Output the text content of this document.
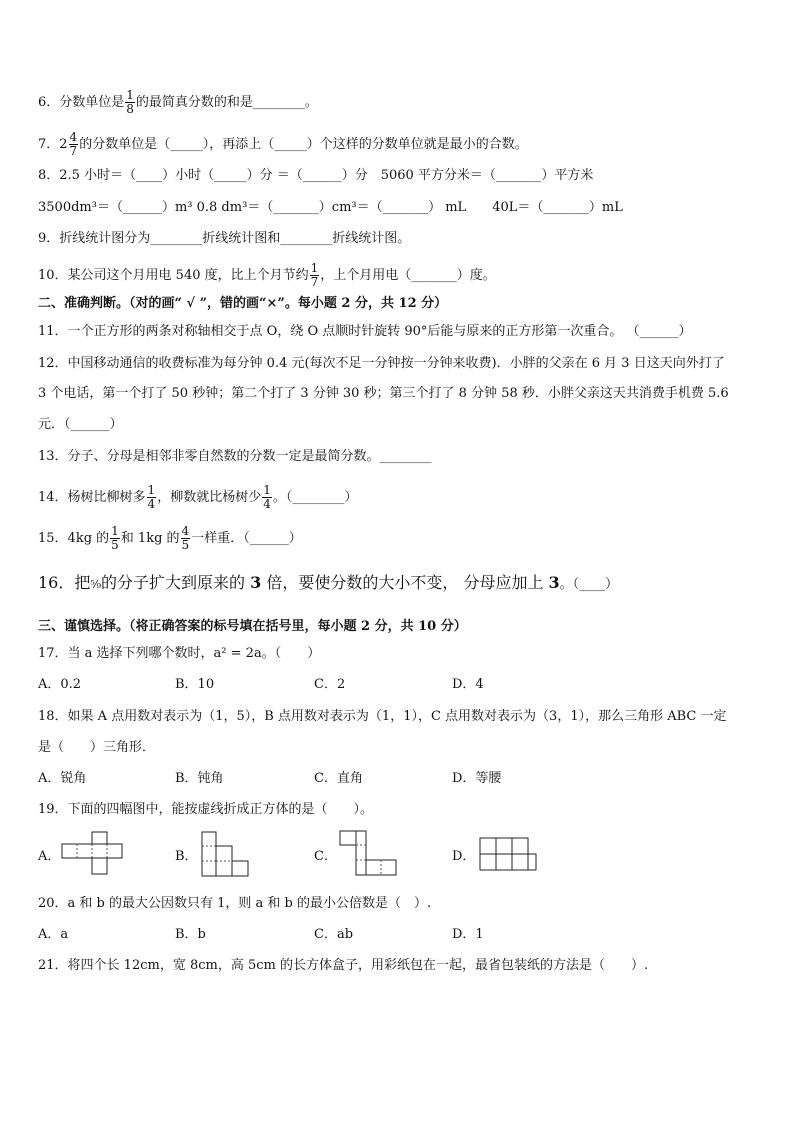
6．分数单位是 $\frac{1}{8}$ 的最简真分数的和是________。
7．$2 \frac{4}{7}$ 的分数单位是（_____），再添上（_____）个这样的分数单位就是最小的合数。
8．2.5 小时＝（____）小时（_____）分 ＝（______）分　5060 平方分米＝（_______）平方米
3500dm³＝（______）m³ 0.8 dm³＝（_______）cm³＝（_______） mL　　40L＝（_______）mL
9．折线统计图分为________折线统计图和________折线统计图。
10．某公司这个月用电 540 度，比上个月节约 $\frac{1}{7}$ ，上个月用电（_______）度。
二、准确判断。（对的画“ √ ”，错的画“×”。每小题 2 分，共 12 分）
11．一个正方形的两条对称轴相交于点 O，绕 O 点顺时针旋转 90°后能与原来的正方形第一次重合。 （______）
12．中国移动通信的收费标准为每分钟 0.4 元(每次不足一分钟按一分钟来收费)．小胖的父亲在 6 月 3 日这天向外打了
3 个电话，第一个打了 50 秒钟；第二个打了 3 分钟 30 秒；第三个打了 8 分钟 58 秒．小胖父亲这天共消费手机费 5.6
元．（______）
13．分子、分母是相邻非零自然数的分数一定是最简分数。________
14．杨树比柳树多 $\frac{1}{4}$ ，柳数就比杨树少 $\frac{1}{4}$ 。（________）
15．4kg 的 $\frac{1}{5}$ 和 1kg 的 $\frac{4}{5}$ 一样重．（______）
16．把⁵⁄₉的分子扩大到原来的 3 倍，要使分数的大小不变， 分母应加上 3。（____）
三、谨慎选择。（将正确答案的标号填在括号里，每小题 2 分，共 10 分）
17．当 a 选择下列哪个数时，a² = 2a。（　　）
A．0.2	B．10	C．2	D．4
18．如果 A 点用数对表示为（1，5），B 点用数对表示为（1，1），C 点用数对表示为（3，1），那么三角形 ABC 一定
是（　　）三角形．
A．锐角	B．钝角	C．直角	D．等腰
19．下面的四幅图中，能按虚线折成正方体的是（　　）。
A．	B．	C．	D．
20．a 和 b 的最大公因数只有 1，则 a 和 b 的最小公倍数是（　）.
A．a	B．b	C．ab	D．1
21．将四个长 12cm，宽 8cm，高 5cm 的长方体盒子，用彩纸包在一起，最省包装纸的方法是（　　）.
